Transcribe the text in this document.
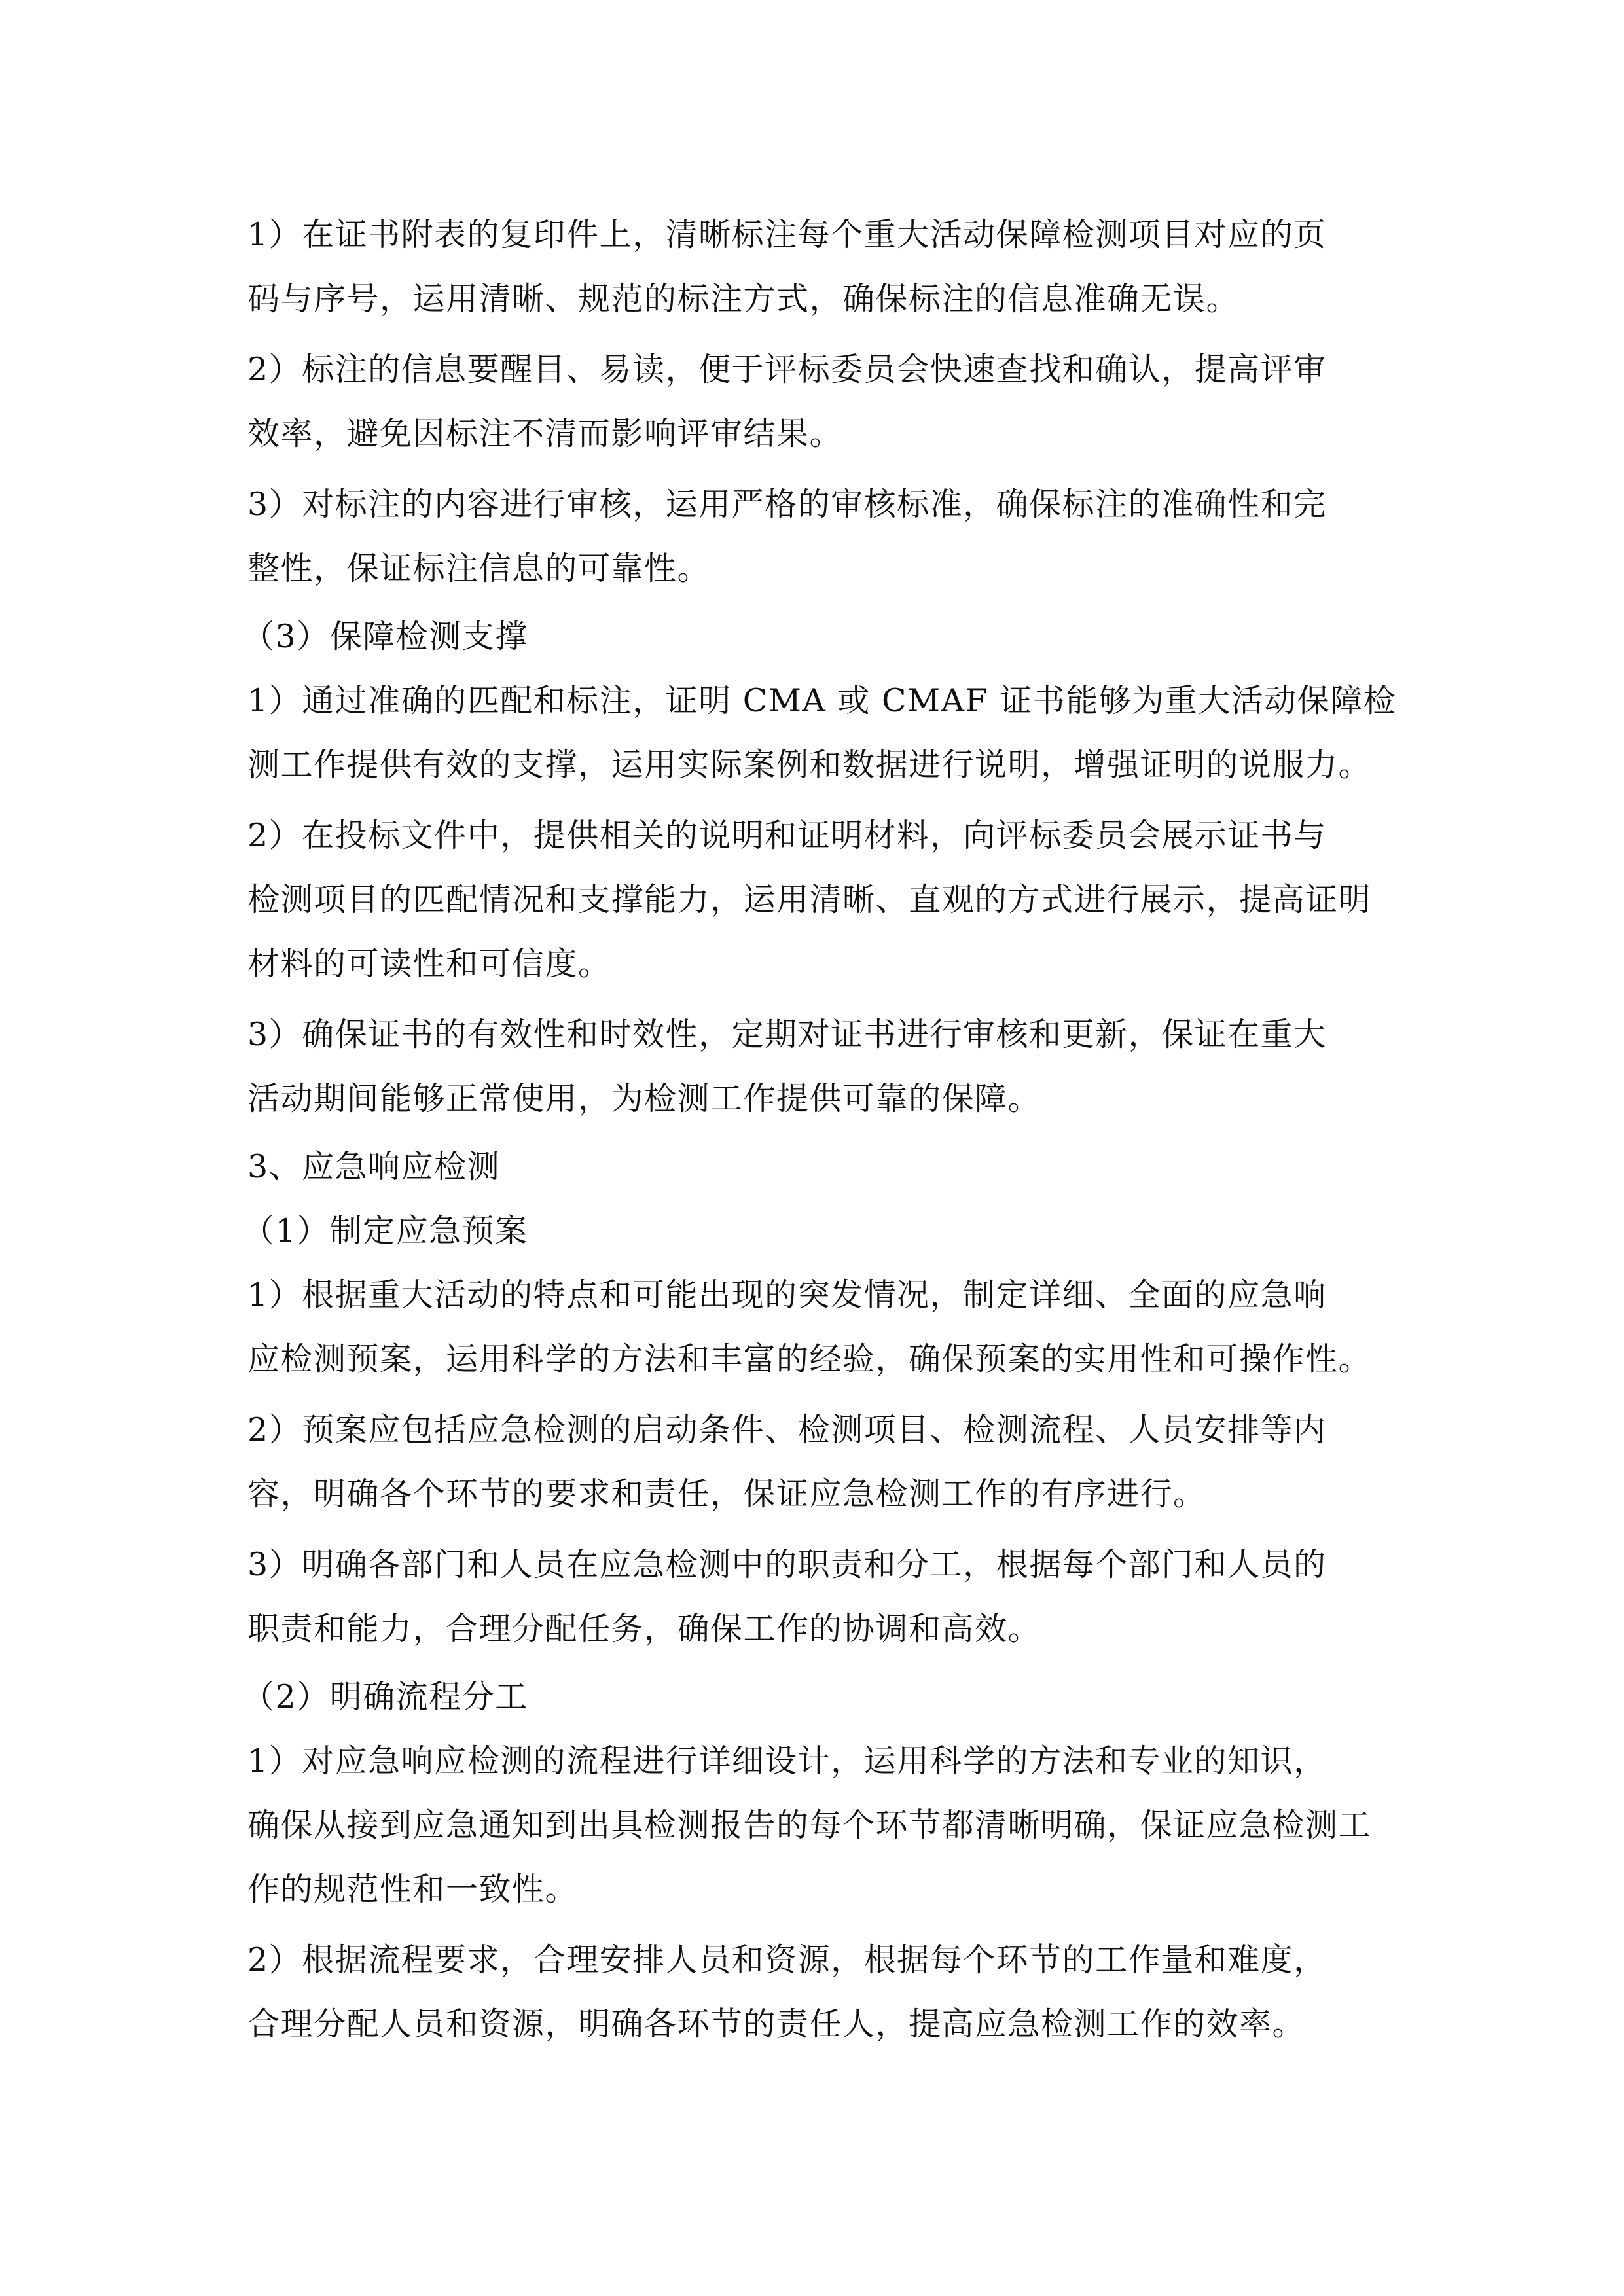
1）在证书附表的复印件上，清晰标注每个重大活动保障检测项目对应的页
码与序号，运用清晰、规范的标注方式，确保标注的信息准确无误。

2）标注的信息要醒目、易读，便于评标委员会快速查找和确认，提高评审
效率，避免因标注不清而影响评审结果。

3）对标注的内容进行审核，运用严格的审核标准，确保标注的准确性和完
整性，保证标注信息的可靠性。

（3）保障检测支撑

1）通过准确的匹配和标注，证明 CMA 或 CMAF 证书能够为重大活动保障检
测工作提供有效的支撑，运用实际案例和数据进行说明，增强证明的说服力。

2）在投标文件中，提供相关的说明和证明材料，向评标委员会展示证书与
检测项目的匹配情况和支撑能力，运用清晰、直观的方式进行展示，提高证明
材料的可读性和可信度。

3）确保证书的有效性和时效性，定期对证书进行审核和更新，保证在重大
活动期间能够正常使用，为检测工作提供可靠的保障。

3、应急响应检测

（1）制定应急预案

1）根据重大活动的特点和可能出现的突发情况，制定详细、全面的应急响
应检测预案，运用科学的方法和丰富的经验，确保预案的实用性和可操作性。

2）预案应包括应急检测的启动条件、检测项目、检测流程、人员安排等内
容，明确各个环节的要求和责任，保证应急检测工作的有序进行。

3）明确各部门和人员在应急检测中的职责和分工，根据每个部门和人员的
职责和能力，合理分配任务，确保工作的协调和高效。

（2）明确流程分工

1）对应急响应检测的流程进行详细设计，运用科学的方法和专业的知识，
确保从接到应急通知到出具检测报告的每个环节都清晰明确，保证应急检测工
作的规范性和一致性。

2）根据流程要求，合理安排人员和资源，根据每个环节的工作量和难度，
合理分配人员和资源，明确各环节的责任人，提高应急检测工作的效率。
